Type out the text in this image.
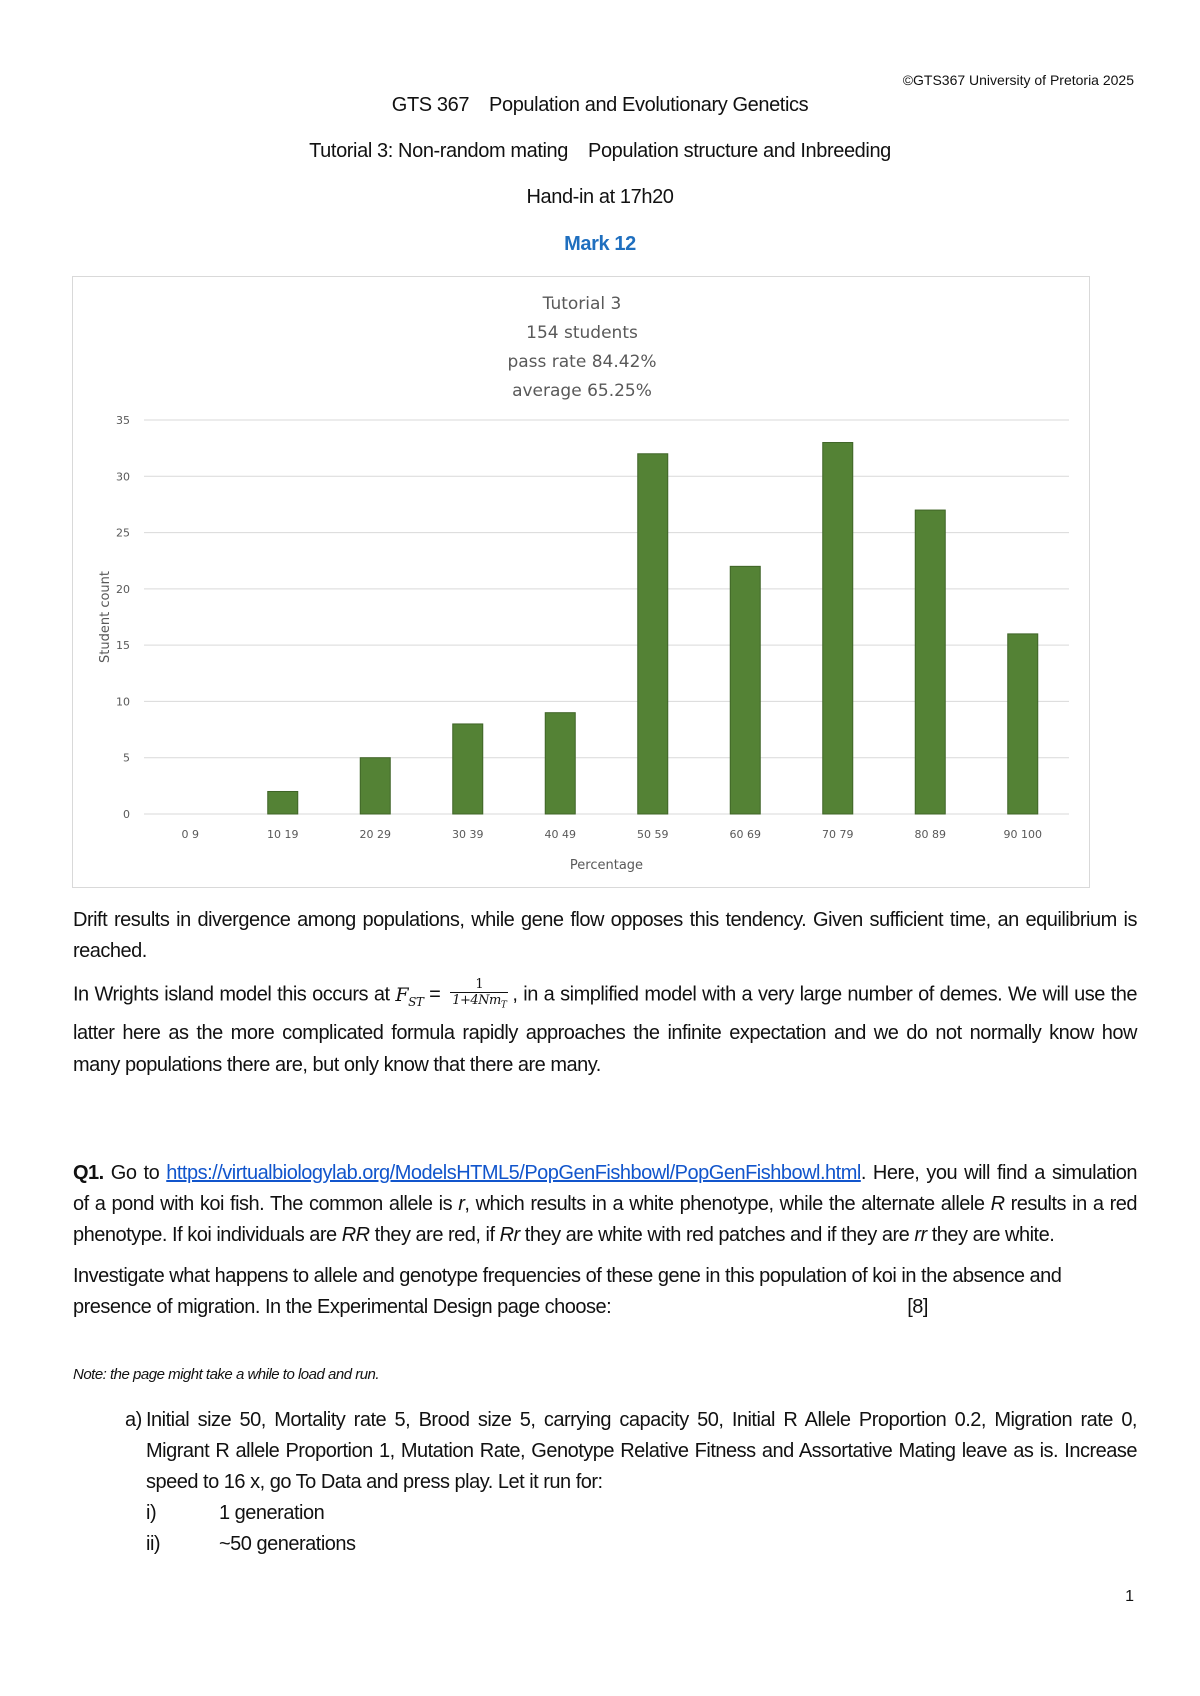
©GTS367 University of Pretoria 2025
GTS 367 Population and Evolutionary Genetics
Tutorial 3: Non-random mating Population structure and Inbreeding
Hand-in at 17h20
Mark 12
Tutorial 3
154 students
pass rate 84.42%
average 65.25%
0
5
10
15
20
25
30
35
0 9	10 19	20 29	30 39	40 49	50 59	60 69	70 79	80 89	90 100
Percentage
Student count

Drift results in divergence among populations, while gene flow opposes this tendency. Given sufficient time, an equilibrium is reached.

In Wrights island model this occurs at $F_{ST} = \frac{1}{1+4Nm_T}$ , in a simplified model with a very large number of demes. We will use the latter here as the more complicated formula rapidly approaches the infinite expectation and we do not normally know how many populations there are, but only know that there are many.

Q1. Go to https://virtualbiologylab.org/ModelsHTML5/PopGenFishbowl/PopGenFishbowl.html. Here, you will find a simulation of a pond with koi fish. The common allele is r, which results in a white phenotype, while the alternate allele R results in a red phenotype. If koi individuals are RR they are red, if Rr they are white with red patches and if they are rr they are white.

Investigate what happens to allele and genotype frequencies of these gene in this population of koi in the absence and presence of migration. In the Experimental Design page choose:	[8]

Note: the page might take a while to load and run.
a) Initial size 50, Mortality rate 5, Brood size 5, carrying capacity 50, Initial R Allele Proportion 0.2, Migration rate 0, Migrant R allele Proportion 1, Mutation Rate, Genotype Relative Fitness and Assortative Mating leave as is. Increase speed to 16 x, go To Data and press play. Let it run for:
i)	1 generation
ii)	~50 generations
1
